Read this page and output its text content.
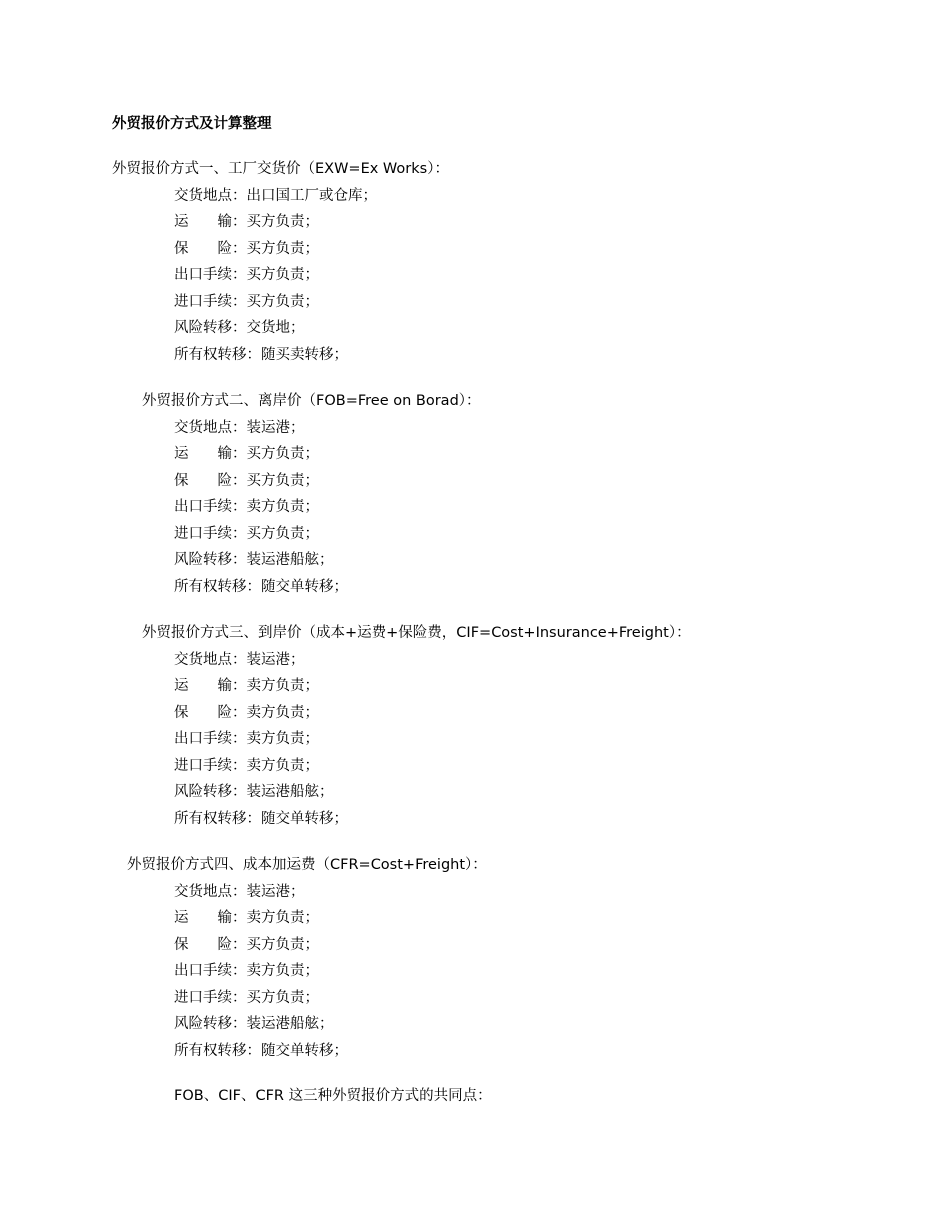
外贸报价方式及计算整理
外贸报价方式一、工厂交货价（EXW=Ex Works）：
交货地点：出口国工厂或仓库；
运　　输：买方负责；
保　　险：买方负责；
出口手续：买方负责；
进口手续：买方负责；
风险转移：交货地；
所有权转移：随买卖转移；
外贸报价方式二、离岸价（FOB=Free on Borad）：
交货地点：装运港；
运　　输：买方负责；
保　　险：买方负责；
出口手续：卖方负责；
进口手续：买方负责；
风险转移：装运港船舷；
所有权转移：随交单转移；
外贸报价方式三、到岸价（成本+运费+保险费，CIF=Cost+Insurance+Freight）：
交货地点：装运港；
运　　输：卖方负责；
保　　险：卖方负责；
出口手续：卖方负责；
进口手续：卖方负责；
风险转移：装运港船舷；
所有权转移：随交单转移；
外贸报价方式四、成本加运费（CFR=Cost+Freight）：
交货地点：装运港；
运　　输：卖方负责；
保　　险：买方负责；
出口手续：卖方负责；
进口手续：买方负责；
风险转移：装运港船舷；
所有权转移：随交单转移；
FOB、CIF、CFR 这三种外贸报价方式的共同点：
